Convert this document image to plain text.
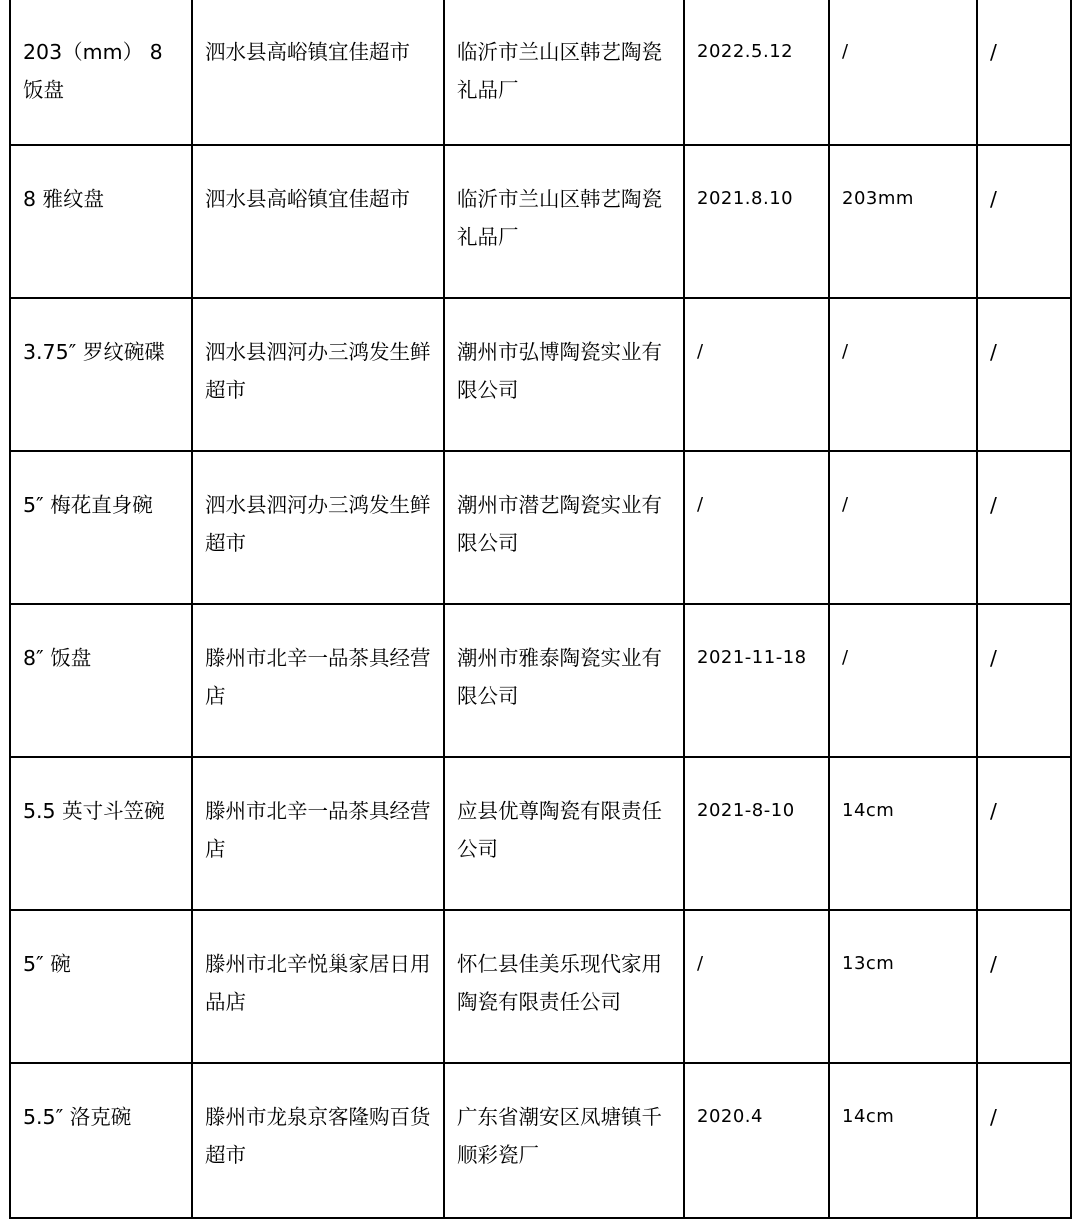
203（mm） 8 饭盘	泗水县高峪镇宜佳超市	临沂市兰山区韩艺陶瓷礼品厂	2022.5.12	/	/
8 雅纹盘	泗水县高峪镇宜佳超市	临沂市兰山区韩艺陶瓷礼品厂	2021.8.10	203mm	/
3.75″ 罗纹碗碟	泗水县泗河办三鸿发生鲜超市	潮州市弘博陶瓷实业有限公司	/	/	/
5″ 梅花直身碗	泗水县泗河办三鸿发生鲜超市	潮州市潜艺陶瓷实业有限公司	/	/	/
8″ 饭盘	滕州市北辛一品茶具经营店	潮州市雅泰陶瓷实业有限公司	2021-11-18	/	/
5.5 英寸斗笠碗	滕州市北辛一品茶具经营店	应县优尊陶瓷有限责任公司	2021-8-10	14cm	/
5″ 碗	滕州市北辛悦巢家居日用品店	怀仁县佳美乐现代家用陶瓷有限责任公司	/	13cm	/
5.5″ 洛克碗	滕州市龙泉京客隆购百货超市	广东省潮安区凤塘镇千顺彩瓷厂	2020.4	14cm	/
